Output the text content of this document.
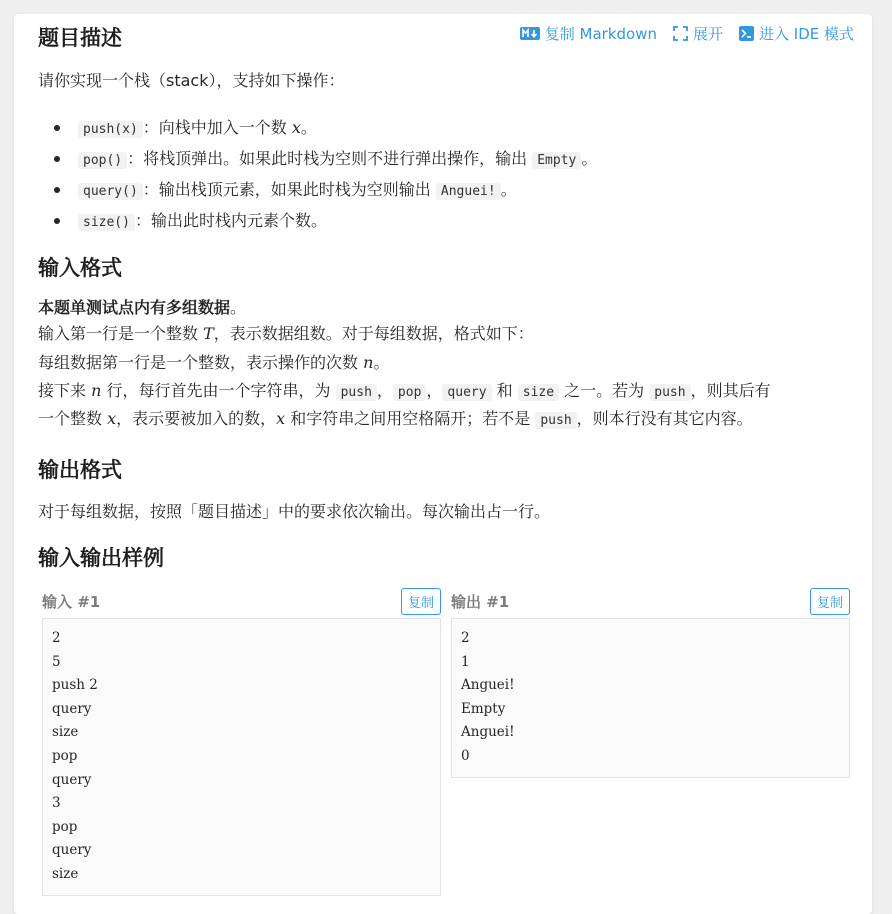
题目描述	复制 Markdown 展开 进入 IDE 模式

请你实现一个栈（stack），支持如下操作：

push(x) ：向栈中加入一个数 x。
pop() ：将栈顶弹出。如果此时栈为空则不进行弹出操作，输出 Empty 。
query() ：输出栈顶元素，如果此时栈为空则输出 Anguei! 。
size() ：输出此时栈内元素个数。
输入格式

本题单测试点内有多组数据。

输入第一行是一个整数 T，表示数据组数。对于每组数据，格式如下：

每组数据第一行是一个整数，表示操作的次数 n。

接下来 n 行，每行首先由一个字符串，为 push ， pop ， query 和 size 之一。若为 push ，则其后有

一个整数 x，表示要被加入的数，x 和字符串之间用空格隔开；若不是 push ，则本行没有其它内容。

输出格式

对于每组数据，按照「题目描述」中的要求依次输出。每次输出占一行。

输入输出样例
输入 #1	复制
2
5
push 2
query
size
pop
query
3
pop
query
size
输出 #1	复制
2
1
Anguei!
Empty
Anguei!
0
